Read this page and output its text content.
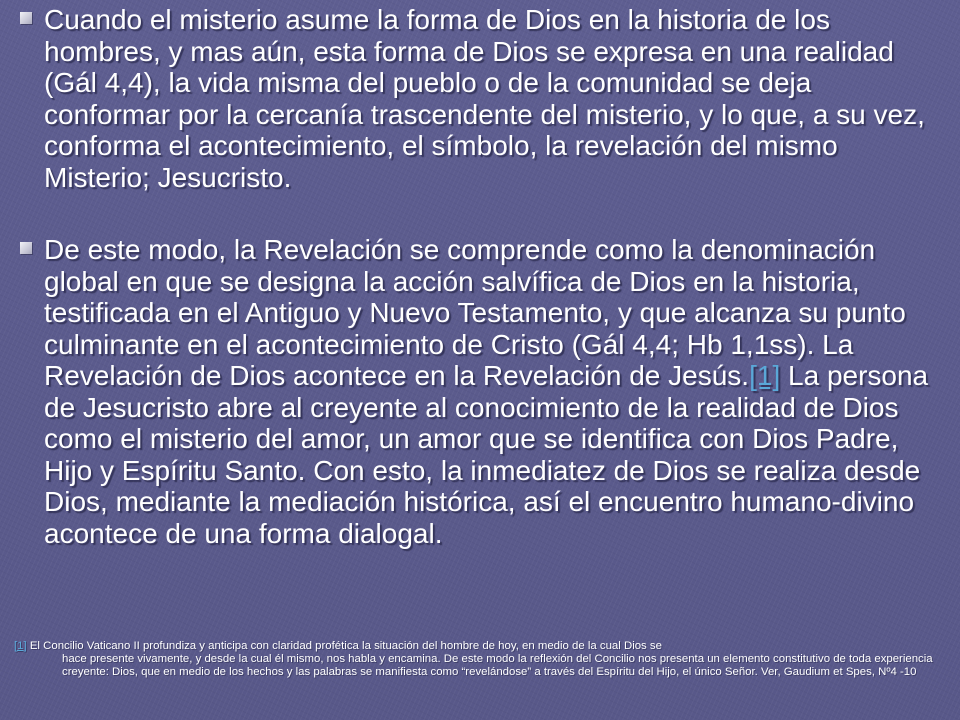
Cuando el misterio asume la forma de Dios en la historia de los hombres, y mas aún, esta forma de Dios se expresa en una realidad (Gál 4,4), la vida misma del pueblo o de la comunidad se deja conformar por la cercanía trascendente del misterio, y lo que, a su vez, conforma el acontecimiento, el símbolo, la revelación del mismo Misterio; Jesucristo.
De este modo, la Revelación se comprende como la denominación global en que se designa la acción salvífica de Dios en la historia, testificada en el Antiguo y Nuevo Testamento, y que alcanza su punto culminante en el acontecimiento de Cristo (Gál 4,4; Hb 1,1ss). La Revelación de Dios acontece en la Revelación de Jesús.[1] La persona de Jesucristo abre al creyente al conocimiento de la realidad de Dios como el misterio del amor, un amor que se identifica con Dios Padre, Hijo y Espíritu Santo. Con esto, la inmediatez de Dios se realiza desde Dios, mediante la mediación histórica, así el encuentro humano-divino acontece de una forma dialogal.
[1] El Concilio Vaticano II profundiza y anticipa con claridad profética la situación del hombre de hoy, en medio de la cual Dios se
hace presente vivamente, y desde la cual él mismo, nos habla y encamina. De este modo la reflexión del Concilio nos presenta un elemento constitutivo de toda experiencia creyente: Dios, que en medio de los hechos y las palabras se manifiesta como “revelándose” a través del Espíritu del Hijo, el único Señor. Ver, Gaudium et Spes, Nº4 -10
